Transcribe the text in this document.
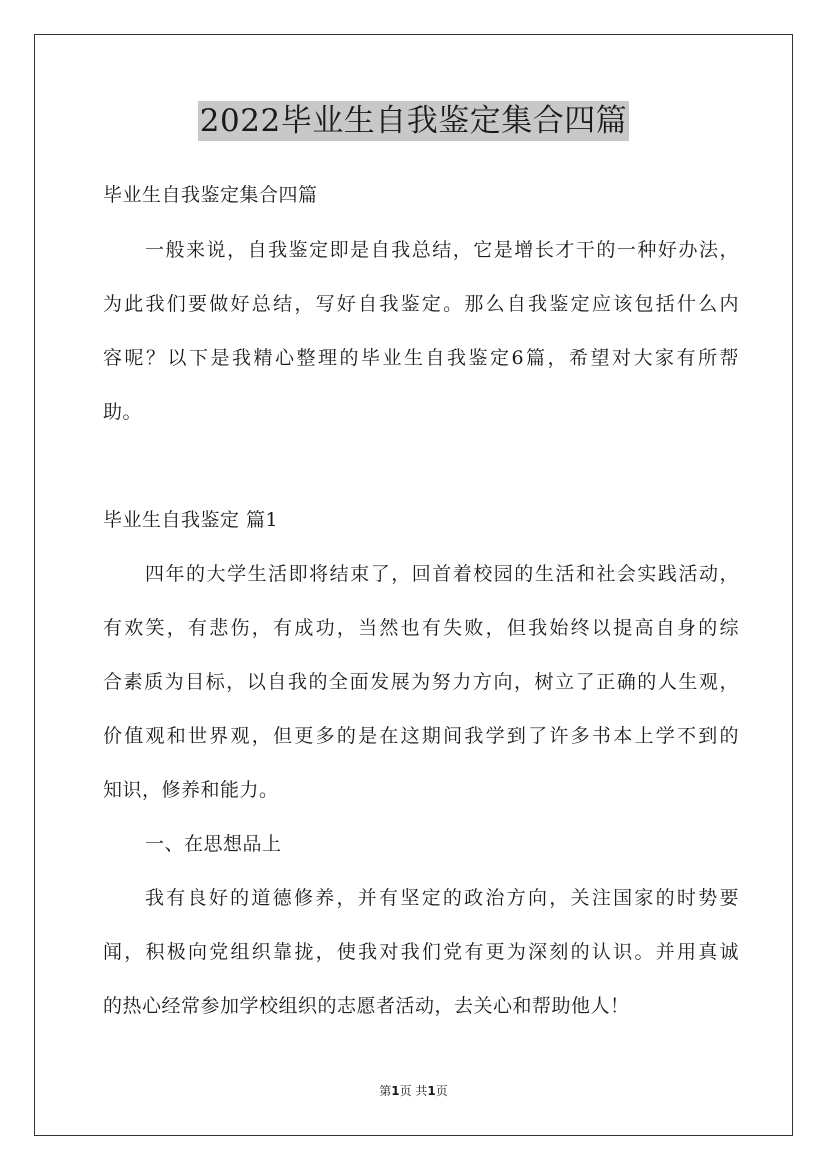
2022毕业生自我鉴定集合四篇
毕业生自我鉴定集合四篇
一般来说，自我鉴定即是自我总结，它是增长才干的一种好办法，
为此我们要做好总结，写好自我鉴定。那么自我鉴定应该包括什么内
容呢？以下是我精心整理的毕业生自我鉴定6篇，希望对大家有所帮
助。
毕业生自我鉴定 篇1
四年的大学生活即将结束了，回首着校园的生活和社会实践活动，
有欢笑，有悲伤，有成功，当然也有失败，但我始终以提高自身的综
合素质为目标，以自我的全面发展为努力方向，树立了正确的人生观，
价值观和世界观，但更多的是在这期间我学到了许多书本上学不到的
知识，修养和能力。
一、在思想品上
我有良好的道德修养，并有坚定的政治方向，关注国家的时势要
闻，积极向党组织靠拢，使我对我们党有更为深刻的认识。并用真诚
的热心经常参加学校组织的志愿者活动，去关心和帮助他人！
第1页 共1页
